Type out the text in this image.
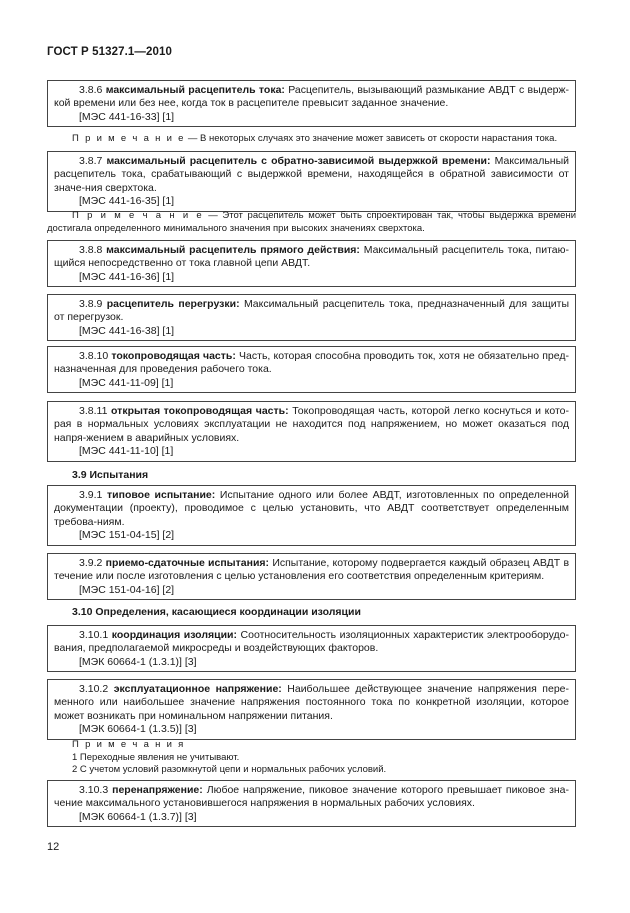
ГОСТ Р 51327.1—2010

3.8.6 максимальный расцепитель тока: Расцепитель, вызывающий размыкание АВДТ с выдерж-кой времени или без нее, когда ток в расцепителе превысит заданное значение.

[МЭС 441-16-33] [1]

П р и м е ч а н и е — В некоторых случаях это значение может зависеть от скорости нарастания тока.

3.8.7 максимальный расцепитель с обратно-зависимой выдержкой времени: Максимальный расцепитель тока, срабатывающий с выдержкой времени, находящейся в обратной зависимости от значе-ния сверхтока.

[МЭС 441-16-35] [1]

П р и м е ч а н и е — Этот расцепитель может быть спроектирован так, чтобы выдержка времени достигала определенного минимального значения при высоких значениях сверхтока.

3.8.8 максимальный расцепитель прямого действия: Максимальный расцепитель тока, питаю-щийся непосредственно от тока главной цепи АВДТ.

[МЭС 441-16-36] [1]

3.8.9 расцепитель перегрузки: Максимальный расцепитель тока, предназначенный для защиты от перегрузок.

[МЭС 441-16-38] [1]

3.8.10 токопроводящая часть: Часть, которая способна проводить ток, хотя не обязательно пред-назначенная для проведения рабочего тока.

[МЭС 441-11-09] [1]

3.8.11 открытая токопроводящая часть: Токопроводящая часть, которой легко коснуться и кото-рая в нормальных условиях эксплуатации не находится под напряжением, но может оказаться под напря-жением в аварийных условиях.

[МЭС 441-11-10] [1]

3.9 Испытания

3.9.1 типовое испытание: Испытание одного или более АВДТ, изготовленных по определенной документации (проекту), проводимое с целью установить, что АВДТ соответствует определенным требова-ниям.

[МЭС 151-04-15] [2]

3.9.2 приемо-сдаточные испытания: Испытание, которому подвергается каждый образец АВДТ в течение или после изготовления с целью установления его соответствия определенным критериям.

[МЭС 151-04-16] [2]

3.10 Определения, касающиеся координации изоляции

3.10.1 координация изоляции: Соотносительность изоляционных характеристик электрооборудо-вания, предполагаемой микросреды и воздействующих факторов.

[МЭК 60664-1 (1.3.1)] [3]

3.10.2 эксплуатационное напряжение: Наибольшее действующее значение напряжения пере-менного или наибольшее значение напряжения постоянного тока по конкретной изоляции, которое может возникать при номинальном напряжении питания.

[МЭК 60664-1 (1.3.5)] [3]

П р и м е ч а н и я
1 Переходные явления не учитывают.
2 С учетом условий разомкнутой цепи и нормальных рабочих условий.

3.10.3 перенапряжение: Любое напряжение, пиковое значение которого превышает пиковое зна-чение максимального установившегося напряжения в нормальных рабочих условиях.

[МЭК 60664-1 (1.3.7)] [3]

12
